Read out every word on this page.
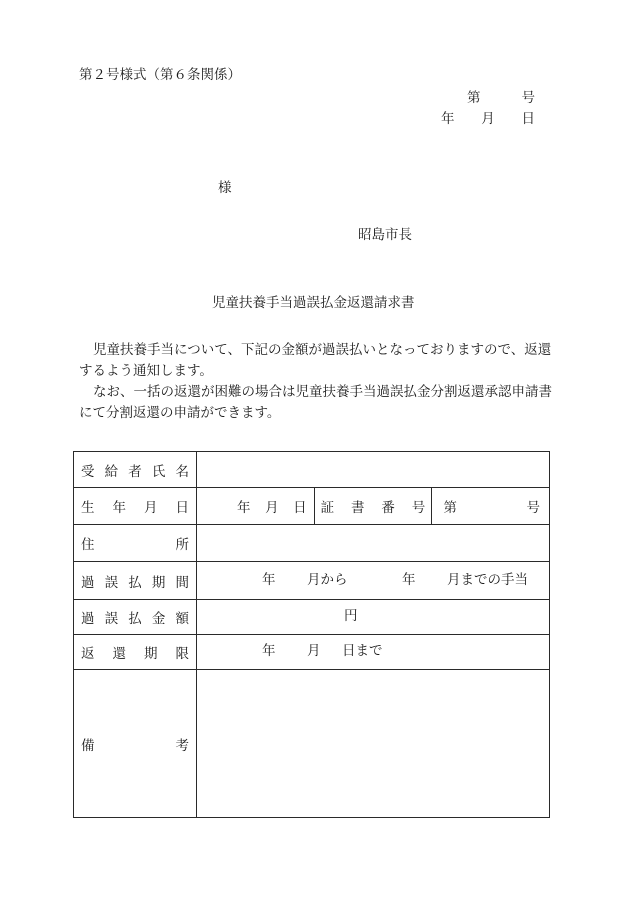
第２号様式（第６条関係）
第	号
年 月 日
様
昭島市長
児童扶養手当過誤払金返還請求書
児童扶養手当について、下記の金額が過誤払いとなっておりますので、返還するよう通知します。
なお、一括の返還が困難の場合は児童扶養手当過誤払金分割返還承認申請書にて分割返還の申請ができます。
受 給 者 氏 名			

生 年 月 日	年 月 日	証 書 番 号	第 号

住 所			

過 誤 払 期 間	年 月から 年 月までの手当		

過 誤 払 金 額	円		

返 還 期 限	年 月 日まで		

備 考			
